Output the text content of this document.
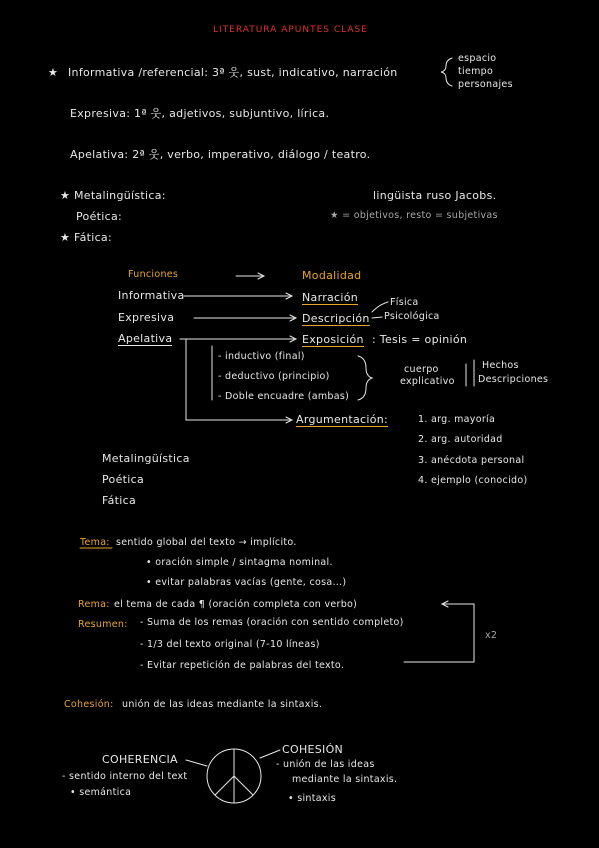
LITERATURA APUNTES CLASE
★ Informativa /referencial: 3ª 웃, sust, indicativo, narración
espacio
tiempo
personajes
Expresiva: 1ª 웃, adjetivos, subjuntivo, lírica.
Apelativa: 2ª 웃, verbo, imperativo, diálogo / teatro.
★ Metalingüística:
Poética:
★ Fática:
lingüista ruso Jacobs.
★ = objetivos, resto = subjetivas
Funciones	Modalidad
Informativa
Expresiva
Apelativa
Narración
Descripción
Exposición : Tesis = opinión
Física
Psicológica
- inductivo (final)
- deductivo (principio)
- Doble encuadre (ambas)
cuerpo
explicativo
Hechos
Descripciones
Argumentación:	1. arg. mayoría
2. arg. autoridad
3. anécdota personal
4. ejemplo (conocido)
Metalingüística
Poética
Fática
Tema: sentido global del texto → implícito.
• oración simple / sintagma nominal.
• evitar palabras vacías (gente, cosa...)
Rema: el tema de cada ¶ (oración completa con verbo)
Resumen: - Suma de los remas (oración con sentido completo)
- 1/3 del texto original (7-10 líneas)
- Evitar repetición de palabras del texto.
x2
Cohesión: unión de las ideas mediante la sintaxis.
COHERENCIA
- sentido interno del text
• semántica
COHESIÓN
- unión de las ideas
mediante la sintaxis.
• sintaxis
